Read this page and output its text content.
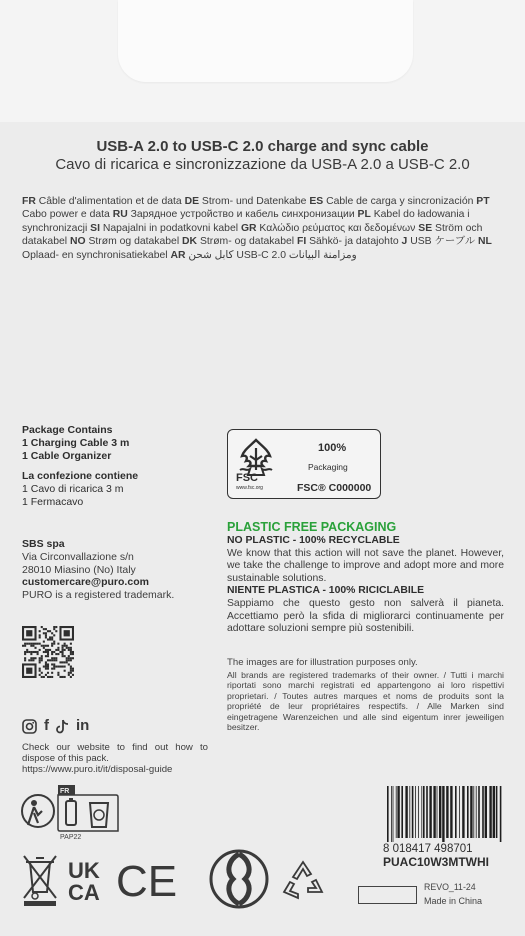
USB-A 2.0 to USB-C 2.0 charge and sync cable
Cavo di ricarica e sincronizzazione da USB-A 2.0 a USB-C 2.0
FR Câble d'alimentation et de data DE Strom- und Datenkabe ES Cable de carga y sincronización PT Cabo power e data RU Зарядное устройство и кабель синхронизации PL Kabel do ładowania i synchronizacji SI Napajalni in podatkovni kabel GR Καλώδιο ρεύματος και δεδομένων SE Ström och datakabel NO Strøm og datakabel DK Strøm- og datakabel FI Sähkö- ja datajohto J USB ケーブル NL Oplaad- en synchronisatiekabel AR كابل شحن USB-C 2.0 ومزامنة البيانات
Package Contains
1 Charging Cable 3 m
1 Cable Organizer
La confezione contiene
1 Cavo di ricarica 3 m
1 Fermacavo
FSC
www.fsc.org
100%
Packaging
FSC® C000000
PLASTIC FREE PACKAGING
NO PLASTIC - 100% RECYCLABLE
We know that this action will not save the planet. However, we take the challenge to improve and adopt more and more sustainable solutions.
NIENTE PLASTICA - 100% RICICLABILE
Sappiamo che questo gesto non salverà il pianeta. Accettiamo però la sfida di migliorarci continuamente per adottare soluzioni sempre più sostenibili.
The images are for illustration purposes only.
All brands are registered trademarks of their owner. / Tutti i marchi riportati sono marchi registrati ed appartengono ai loro rispettivi proprietari. / Toutes autres marques et noms de produits sont la propriété de leur propriétaires respectifs. / Alle Marken sind eingetragene Warenzeichen und alle sind eigentum inrer jeweiligen besitzer.
SBS spa
Via Circonvallazione s/n
28010 Miasino (No) Italy
customercare@puro.com
PURO is a registered trademark.
f in
Check our website to find out how to dispose of this pack.
https://www.puro.it/it/disposal-guide
FR
PAP22
UK
CA CE
8 018417 498701
PUAC10W3MTWHI
REVO_11-24
Made in China
